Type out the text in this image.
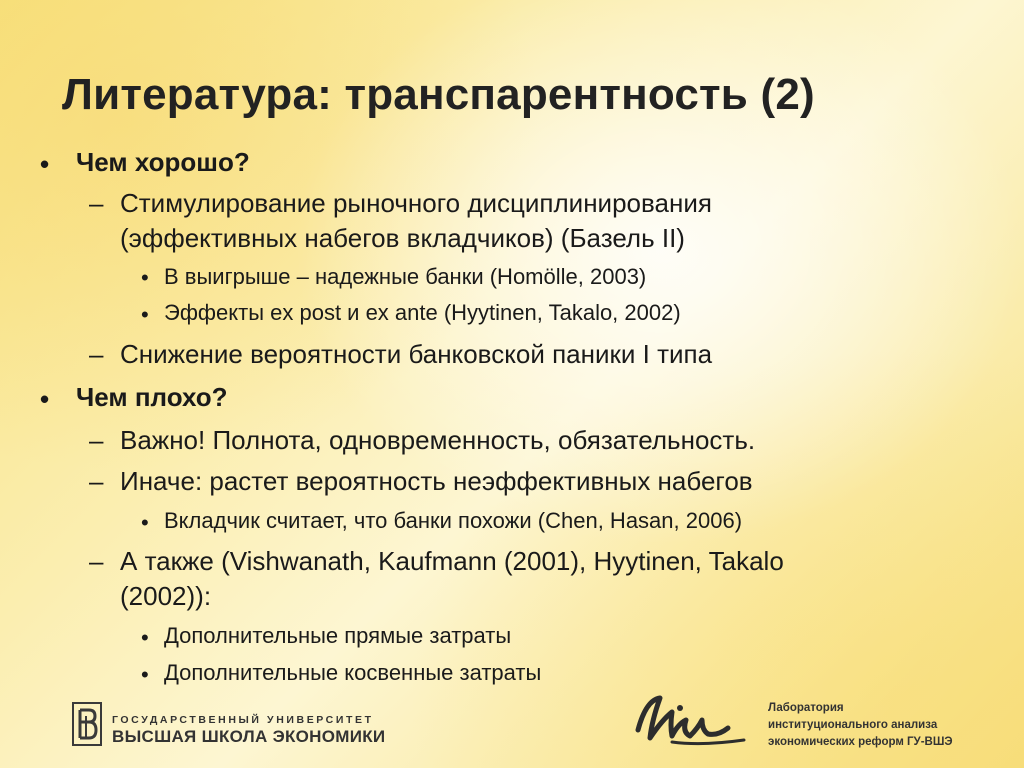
Литература: транспарентность (2)
• Чем хорошо?
– Стимулирование рыночного дисциплинирования
(эффективных набегов вкладчиков) (Базель II)
• В выигрыше – надежные банки (Homölle, 2003)
• Эффекты ex post и ex ante (Hyytinen, Takalo, 2002)
– Снижение вероятности банковской паники I типа
• Чем плохо?
– Важно! Полнота, одновременность, обязательность.
– Иначе: растет вероятность неэффективных набегов
• Вкладчик считает, что банки похожи (Chen, Hasan, 2006)
– А также (Vishwanath, Kaufmann (2001), Hyytinen, Takalo
(2002)):
• Дополнительные прямые затраты
• Дополнительные косвенные затраты
ГОСУДАРСТВЕННЫЙ УНИВЕРСИТЕТ
ВЫСШАЯ ШКОЛА ЭКОНОМИКИ
Лаборатория
институционального анализа
экономических реформ ГУ-ВШЭ
